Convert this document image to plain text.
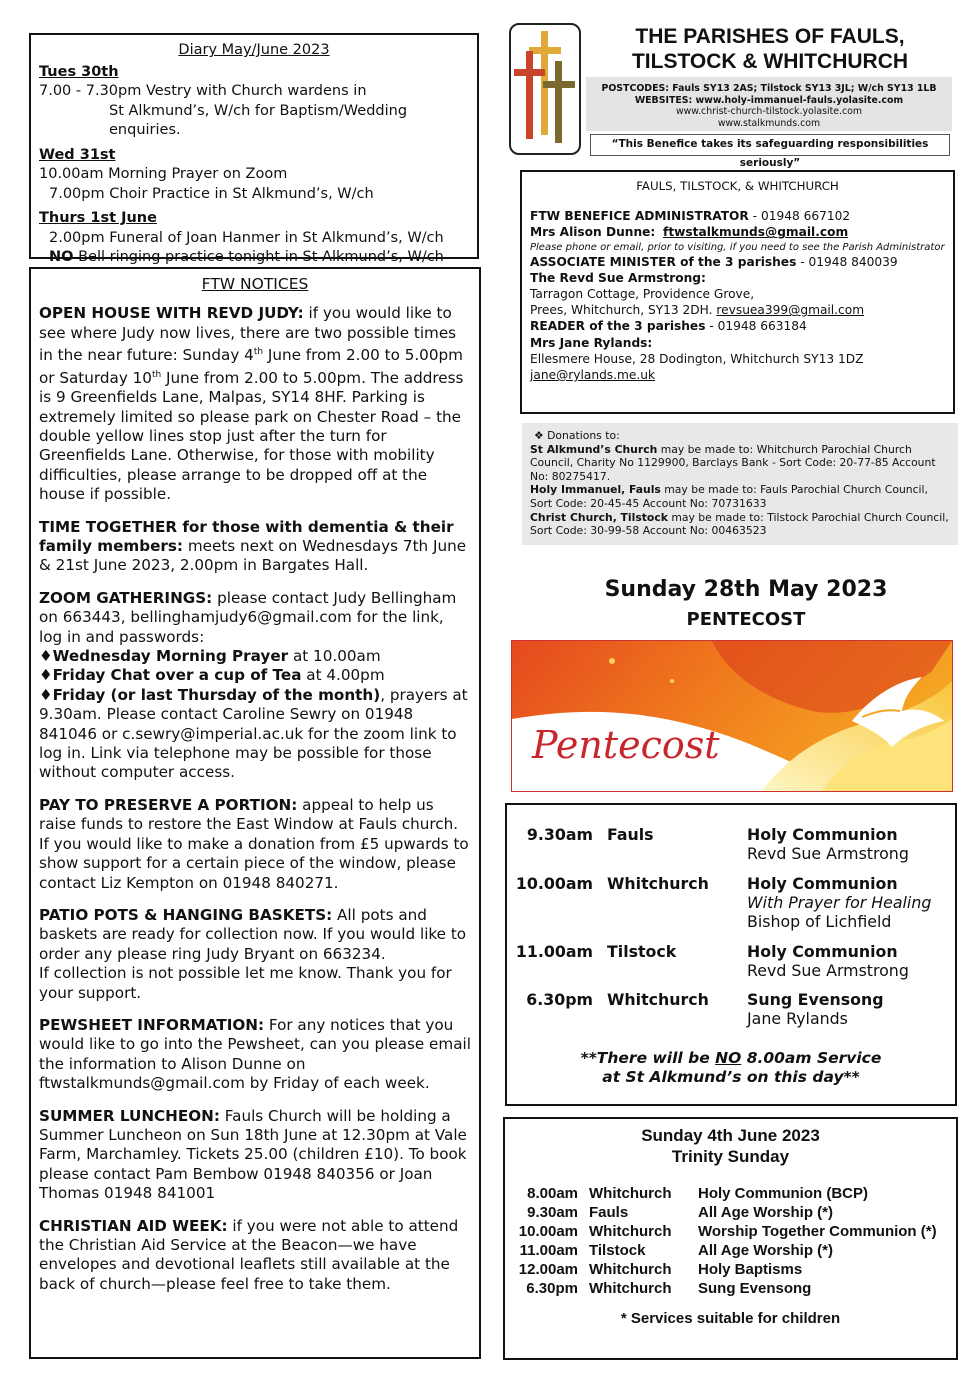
Diary May/June 2023
Tues 30th
7.00 - 7.30pm Vestry with Church wardens in
St Alkmund’s, W/ch for Baptism/Wedding enquiries.
Wed 31st
10.00am Morning Prayer on Zoom
7.00pm Choir Practice in St Alkmund’s, W/ch
Thurs 1st June
2.00pm Funeral of Joan Hanmer in St Alkmund’s, W/ch
NO Bell ringing practice tonight in St Alkmund’s, W/ch
FTW NOTICES

OPEN HOUSE WITH REVD JUDY: if you would like to see where Judy now lives, there are two possible times in the near future: Sunday 4th June from 2.00 to 5.00pm or Saturday 10th June from 2.00 to 5.00pm. The address is 9 Greenfields Lane, Malpas, SY14 8HF. Parking is extremely limited so please park on Chester Road – the double yellow lines stop just after the turn for Greenfields Lane. Otherwise, for those with mobility difficulties, please arrange to be dropped off at the house if possible.

TIME TOGETHER for those with dementia & their family members: meets next on Wednesdays 7th June & 21st June 2023, 2.00pm in Bargates Hall.

ZOOM GATHERINGS: please contact Judy Bellingham on 663443, bellinghamjudy6@gmail.com for the link, log in and passwords:
♦Wednesday Morning Prayer at 10.00am
♦Friday Chat over a cup of Tea at 4.00pm
♦Friday (or last Thursday of the month), prayers at 9.30am. Please contact Caroline Sewry on 01948 841046 or c.sewry@imperial.ac.uk for the zoom link to log in. Link via telephone may be possible for those without computer access.

PAY TO PRESERVE A PORTION: appeal to help us raise funds to restore the East Window at Fauls church. If you would like to make a donation from £5 upwards to show support for a certain piece of the window, please contact Liz Kempton on 01948 840271.

PATIO POTS & HANGING BASKETS: All pots and baskets are ready for collection now. If you would like to order any please ring Judy Bryant on 663234.
If collection is not possible let me know. Thank you for your support.

PEWSHEET INFORMATION: For any notices that you would like to go into the Pewsheet, can you please email the information to Alison Dunne on ftwstalkmunds@gmail.com by Friday of each week.

SUMMER LUNCHEON: Fauls Church will be holding a Summer Luncheon on Sun 18th June at 12.30pm at Vale Farm, Marchamley. Tickets 25.00 (children £10). To book please contact Pam Bembow 01948 840356 or Joan Thomas 01948 841001

CHRISTIAN AID WEEK: if you were not able to attend the Christian Aid Service at the Beacon—we have envelopes and devotional leaflets still available at the back of church—please feel free to take them.

THE PARISHES OF FAULS,
TILSTOCK & WHITCHURCH
POSTCODES: Fauls SY13 2AS; Tilstock SY13 3JL; W/ch SY13 1LB
WEBSITES: www.holy-immanuel-fauls.yolasite.com
www.christ-church-tilstock.yolasite.com
www.stalkmunds.com
“This Benefice takes its safeguarding responsibilities seriously”
FAULS, TILSTOCK, & WHITCHURCH
FTW BENEFICE ADMINISTRATOR - 01948 667102
Mrs Alison Dunne: ftwstalkmunds@gmail.com
Please phone or email, prior to visiting, if you need to see the Parish Administrator
ASSOCIATE MINISTER of the 3 parishes - 01948 840039
The Revd Sue Armstrong:
Tarragon Cottage, Providence Grove,
Prees, Whitchurch, SY13 2DH. revsuea399@gmail.com
READER of the 3 parishes - 01948 663184
Mrs Jane Rylands:
Ellesmere House, 28 Dodington, Whitchurch SY13 1DZ
jane@rylands.me.uk
❖ Donations to:
St Alkmund’s Church may be made to: Whitchurch Parochial Church Council, Charity No 1129900, Barclays Bank - Sort Code: 20-77-85 Account No: 80275417.
Holy Immanuel, Fauls may be made to: Fauls Parochial Church Council, Sort Code: 20-45-45 Account No: 70731633
Christ Church, Tilstock may be made to: Tilstock Parochial Church Council, Sort Code: 30-99-58 Account No: 00463523
Sunday 28th May 2023
PENTECOST
Pentecost
9.30am Fauls	Holy Communion
Revd Sue Armstrong
10.00am Whitchurch Holy Communion
With Prayer for Healing
Bishop of Lichfield
11.00am Tilstock	Holy Communion
Revd Sue Armstrong
6.30pm Whitchurch Sung Evensong
Jane Rylands
**There will be NO 8.00am Service
at St Alkmund’s on this day**
Sunday 4th June 2023
Trinity Sunday
8.00am Whitchurch Holy Communion (BCP)
9.30am Fauls	All Age Worship (*)
10.00am Whitchurch Worship Together Communion (*)
11.00am Tilstock	All Age Worship (*)
12.00am Whitchurch Holy Baptisms
6.30pm Whitchurch Sung Evensong
* Services suitable for children
